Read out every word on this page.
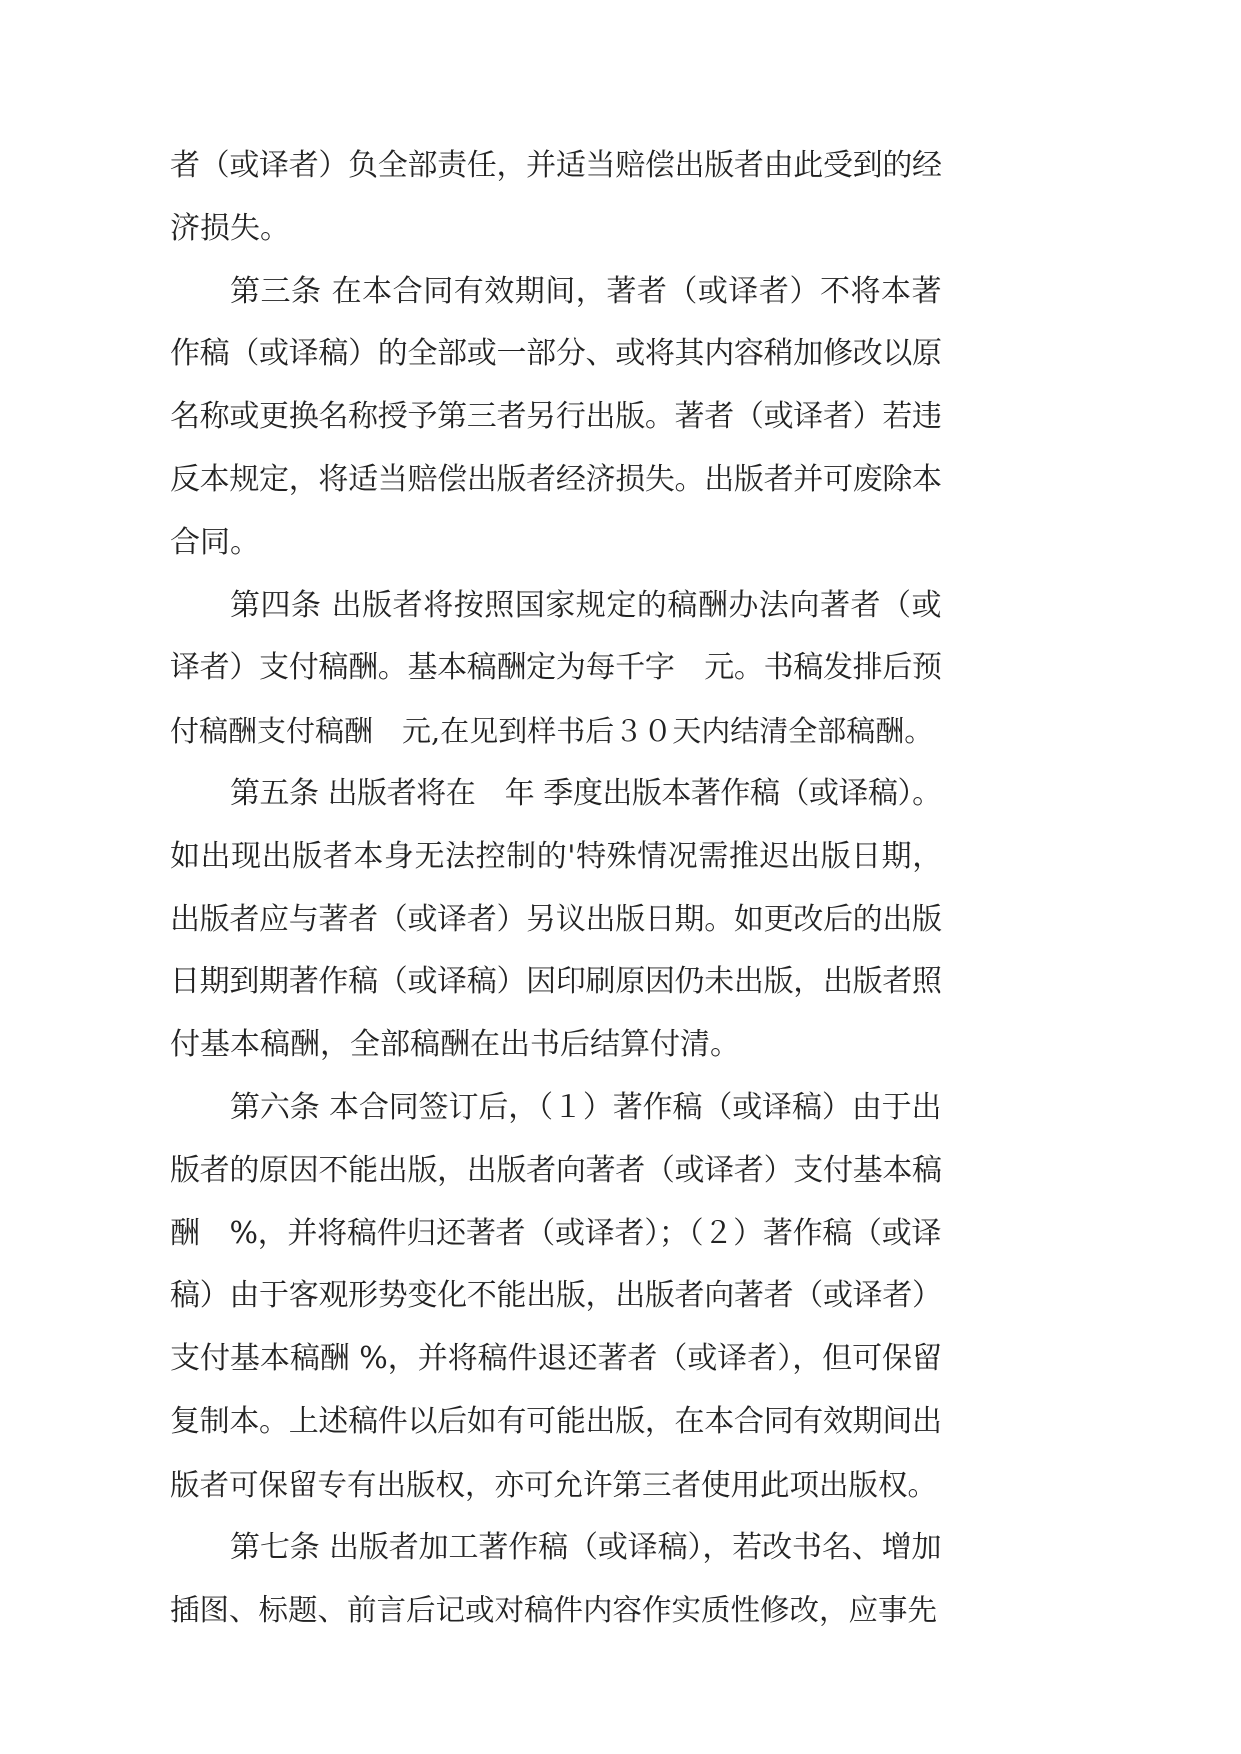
者（或译者）负全部责任，并适当赔偿出版者由此受到的经
济损失。
第三条 在本合同有效期间，著者（或译者）不将本著
作稿（或译稿）的全部或一部分、或将其内容稍加修改以原
名称或更换名称授予第三者另行出版。著者（或译者）若违
反本规定，将适当赔偿出版者经济损失。出版者并可废除本
合同。
第四条 出版者将按照国家规定的稿酬办法向著者（或
译者）支付稿酬。基本稿酬定为每千字　元。书稿发排后预
付稿酬支付稿酬　元,在见到样书后３０天内结清全部稿酬。
第五条 出版者将在　年 季度出版本著作稿（或译稿）。
如出现出版者本身无法控制的'特殊情况需推迟出版日期，
出版者应与著者（或译者）另议出版日期。如更改后的出版
日期到期著作稿（或译稿）因印刷原因仍未出版，出版者照
付基本稿酬，全部稿酬在出书后结算付清。
第六条 本合同签订后，（１）著作稿（或译稿）由于出
版者的原因不能出版，出版者向著者（或译者）支付基本稿
酬　%，并将稿件归还著者（或译者）；（２）著作稿（或译
稿）由于客观形势变化不能出版，出版者向著者（或译者）
支付基本稿酬 %，并将稿件退还著者（或译者），但可保留
复制本。上述稿件以后如有可能出版，在本合同有效期间出
版者可保留专有出版权，亦可允许第三者使用此项出版权。
第七条 出版者加工著作稿（或译稿），若改书名、增加
插图、标题、前言后记或对稿件内容作实质性修改，应事先
